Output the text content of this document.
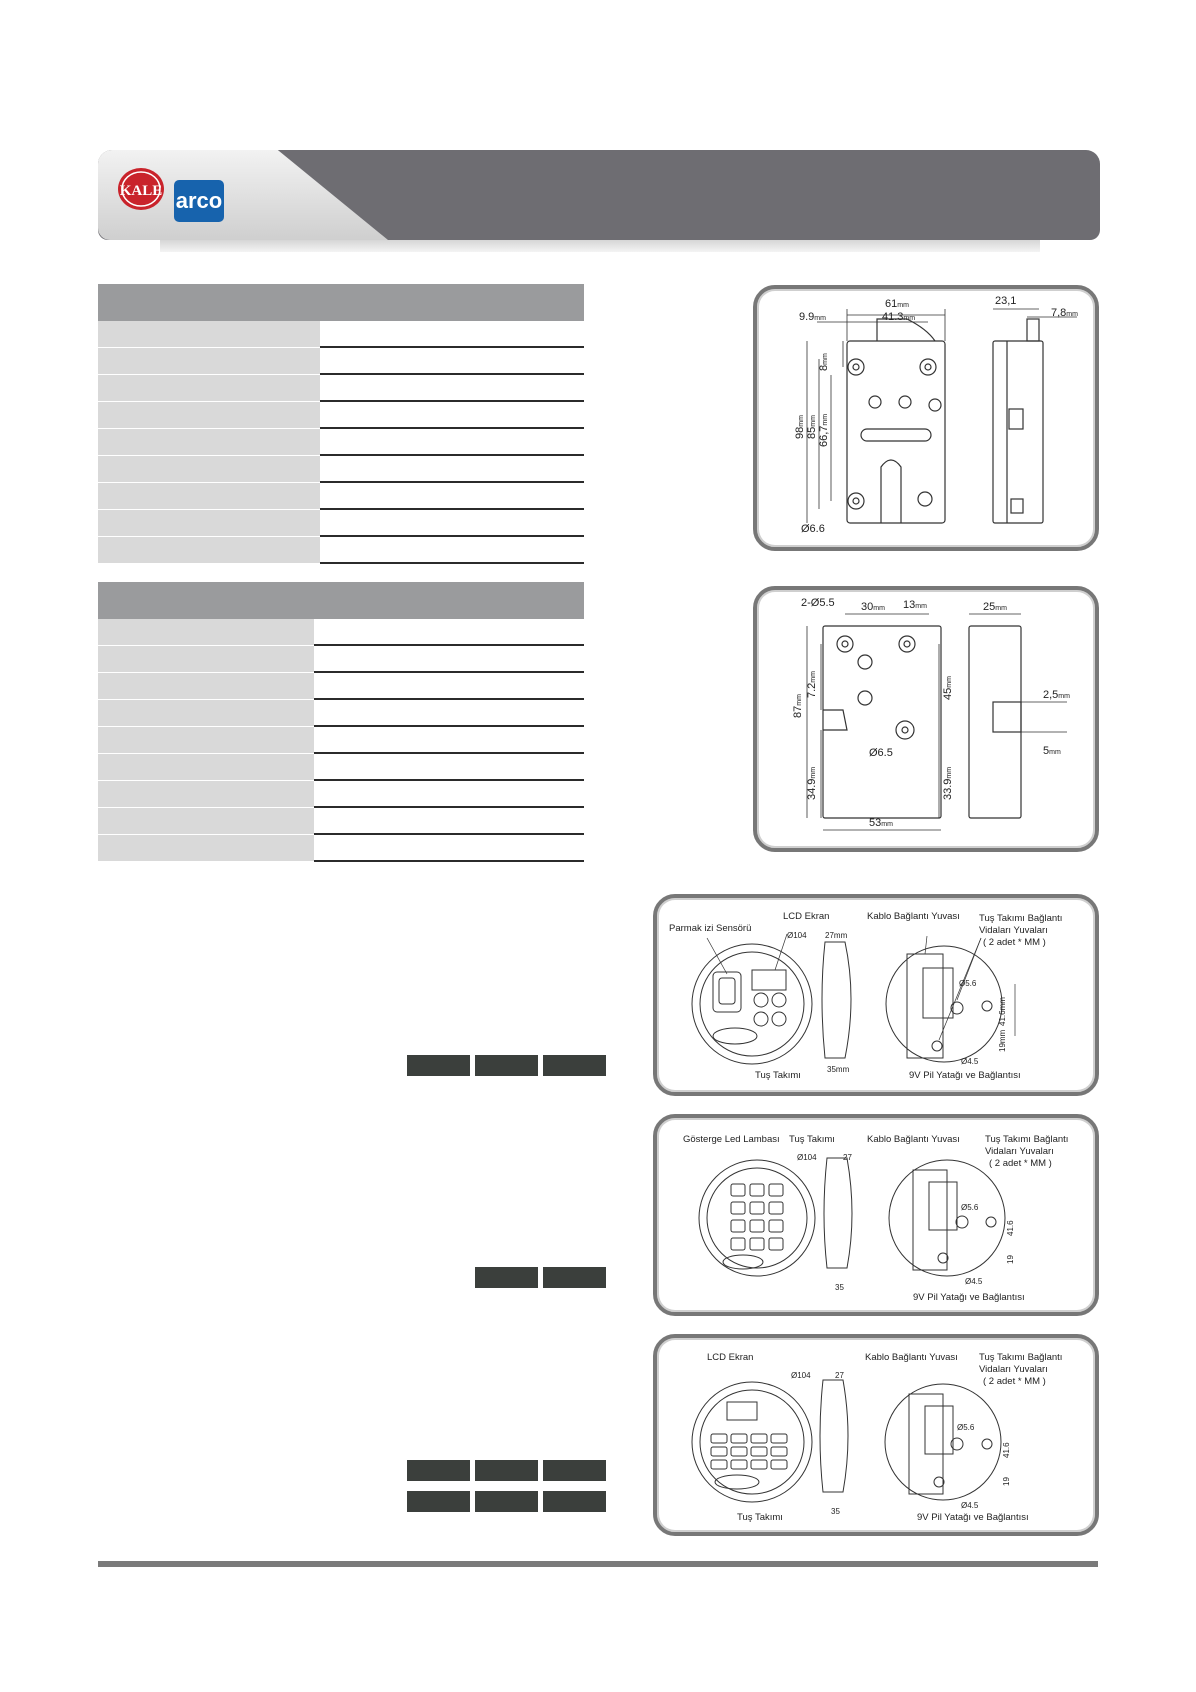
KALE arco
61mm
9.9mm	41.3mm
23,1
7,8mm
98mm
85mm
66,7mm
8mm
Ø6.6
2-Ø5.5 30mm 13mm	25mm
87mm
7.2mm
45mm
2,5mm
5mm
Ø6.5
34.9mm
33.9mm
53mm
Parmak izi Sensörü
LCD Ekran	Kablo Bağlantı Yuvası Tuş Takımı Bağlantı
Vidaları Yuvaları
( 2 adet * MM )
Ø104 27mm
Ø5.6
41.6mm
19mm
Ø4.5
35mm
Tuş Takımı	9V Pil Yatağı ve Bağlantısı
Gösterge Led Lambası Tuş Takımı	Kablo Bağlantı Yuvası	Tuş Takımı Bağlantı
Vidaları Yuvaları
( 2 adet * MM )
Ø104	27
Ø5.6
41.6
19
Ø4.5
35
9V Pil Yatağı ve Bağlantısı
LCD Ekran	Kablo Bağlantı Yuvası Tuş Takımı Bağlantı
Vidaları Yuvaları
( 2 adet * MM )
Ø104	27
Ø5.6
41.6
19
Ø4.5
35
Tuş Takımı	9V Pil Yatağı ve Bağlantısı
